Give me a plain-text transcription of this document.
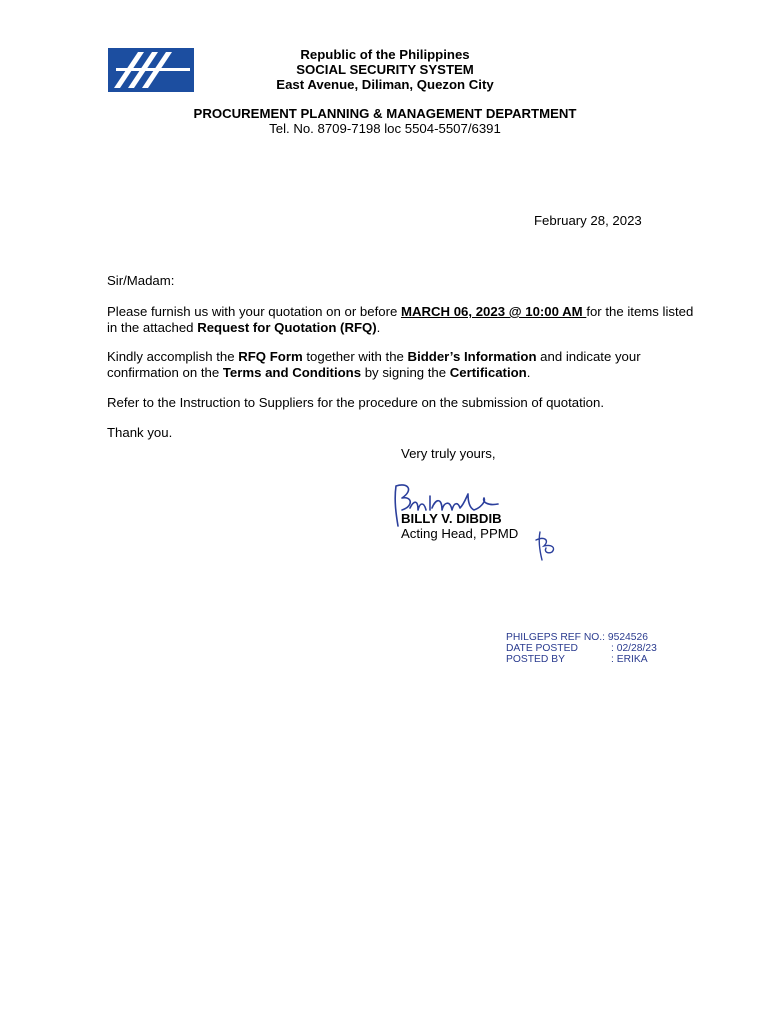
Republic of the Philippines
SOCIAL SECURITY SYSTEM
East Avenue, Diliman, Quezon City
PROCUREMENT PLANNING & MANAGEMENT DEPARTMENT
Tel. No. 8709-7198 loc 5504-5507/6391
February 28, 2023
Sir/Madam:
Please furnish us with your quotation on or before MARCH 06, 2023 @ 10:00 AM for the items listed in the attached Request for Quotation (RFQ).
Kindly accomplish the RFQ Form together with the Bidder’s Information and indicate your confirmation on the Terms and Conditions by signing the Certification.
Refer to the Instruction to Suppliers for the procedure on the submission of quotation.
Thank you.
Very truly yours,
BILLY V. DIBDIB
Acting Head, PPMD
PHILGEPS REF NO. : 9524526
DATE POSTED	: 02/28/23
POSTED BY	: ERIKA
